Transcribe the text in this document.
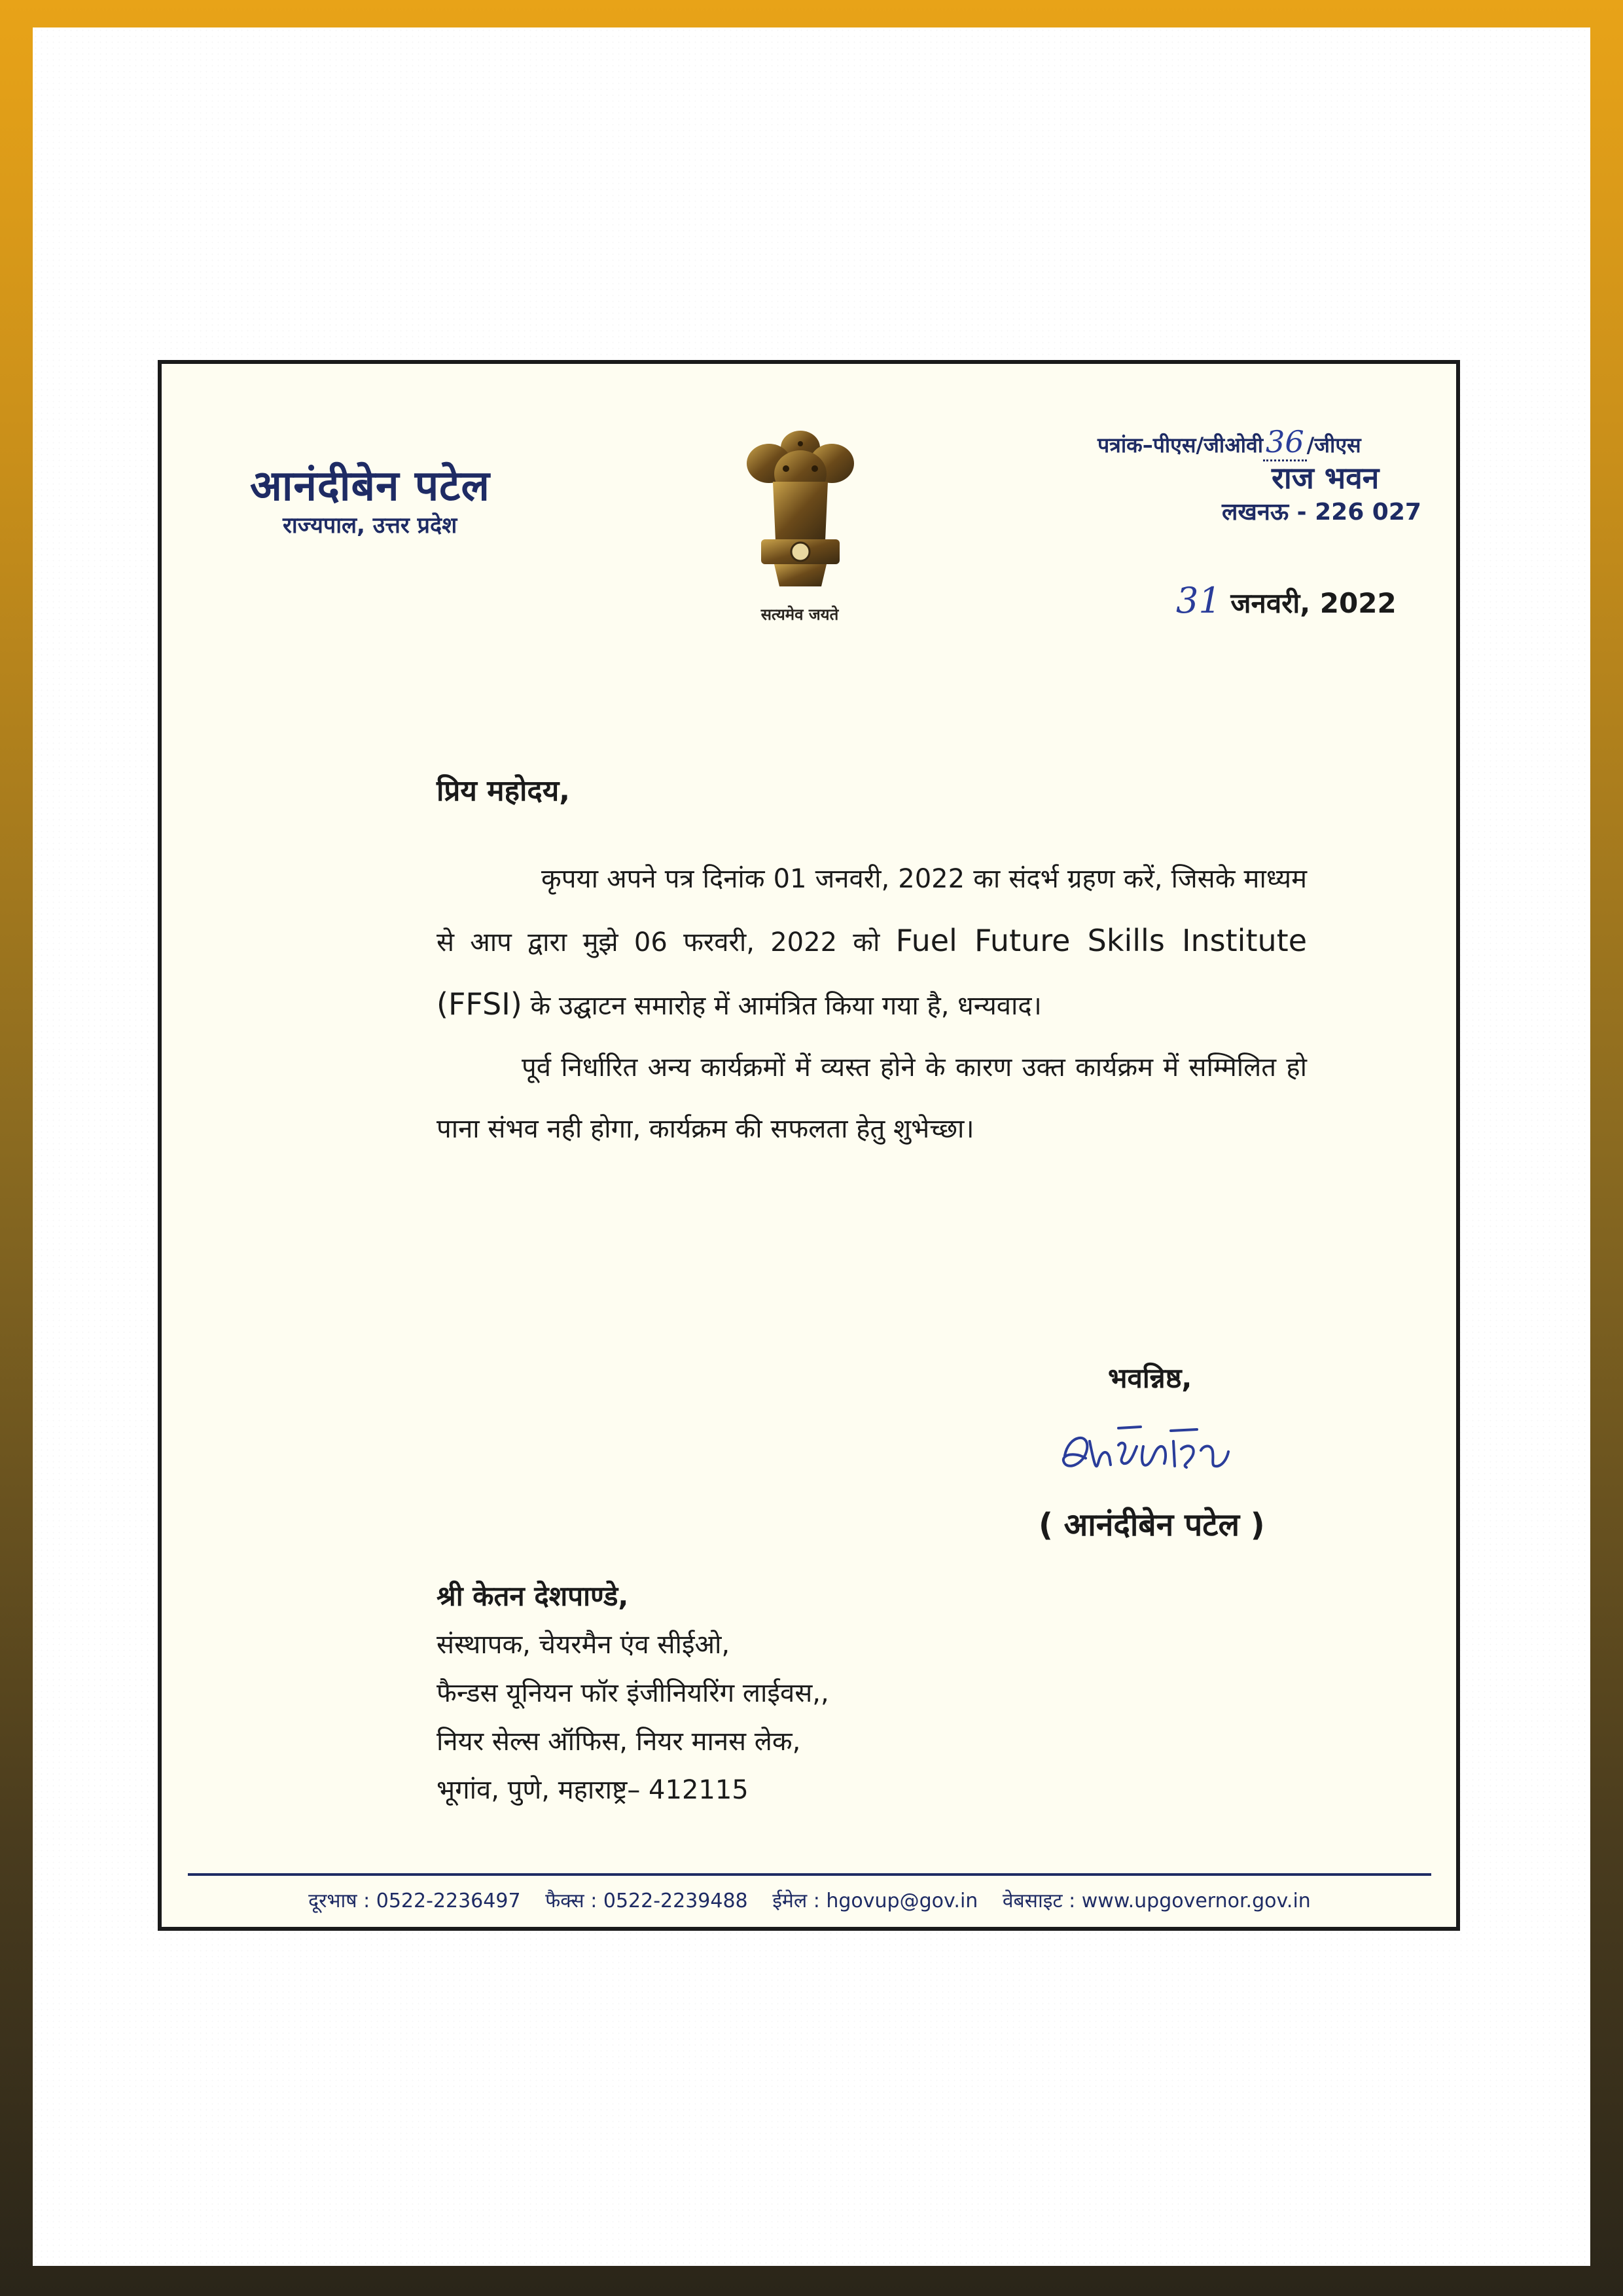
आनंदीबेन पटेल
राज्यपाल, उत्तर प्रदेश
सत्यमेव जयते
पत्रांक–पीएस/जीओवी36 /जीएस
राज भवन
लखनऊ - 226 027
31 जनवरी, 2022
प्रिय महोदय,

कृपया अपने पत्र दिनांक 01 जनवरी, 2022 का संदर्भ ग्रहण करें, जिसके माध्यम से आप द्वारा मुझे 06 फरवरी, 2022 को Fuel Future Skills Institute (FFSI) के उद्घाटन समारोह में आमंत्रित किया गया है, धन्यवाद।

पूर्व निर्धारित अन्य कार्यक्रमों में व्यस्त होने के कारण उक्त कार्यक्रम में सम्मिलित हो पाना संभव नही होगा, कार्यक्रम की सफलता हेतु शुभेच्छा।

भवन्निष्ठ,
( आनंदीबेन पटेल )
श्री केतन देशपाण्डे,
संस्थापक, चेयरमैन एंव सीईओ,
फैन्डस यूनियन फॉर इंजीनियरिंग लाईवस,,
नियर सेल्स ऑफिस, नियर मानस लेक,
भूगांव, पुणे, महाराष्ट्र– 412115
दूरभाष : 0522-2236497 फैक्स : 0522-2239488 ईमेल : hgovup@gov.in वेबसाइट : www.upgovernor.gov.in
